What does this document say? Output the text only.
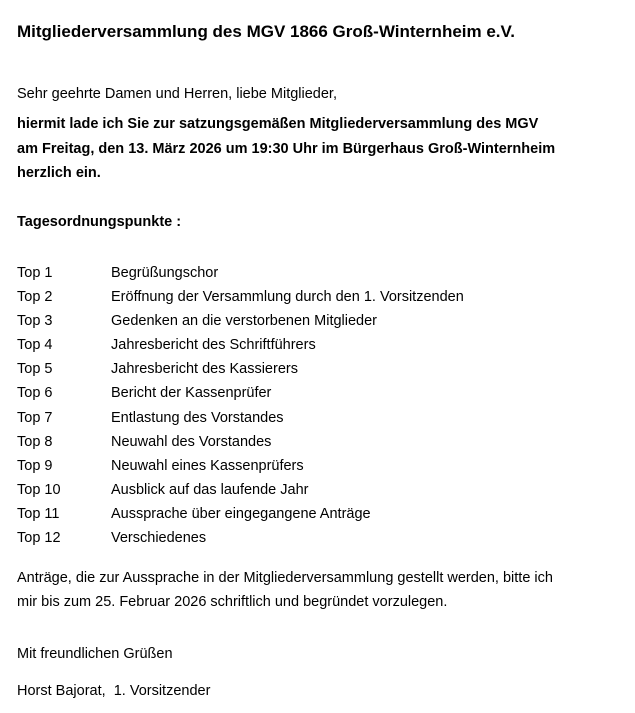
Mitgliederversammlung des MGV 1866 Groß-Winternheim e.V.
Sehr geehrte Damen und Herren, liebe Mitglieder,
hiermit lade ich Sie zur satzungsgemäßen Mitgliederversammlung des MGV
am Freitag, den 13. März 2026 um 19:30 Uhr im Bürgerhaus Groß-Winternheim
herzlich ein.
Tagesordnungspunkte :
Top 1	Begrüßungschor
Top 2	Eröffnung der Versammlung durch den 1. Vorsitzenden
Top 3	Gedenken an die verstorbenen Mitglieder
Top 4	Jahresbericht des Schriftführers
Top 5	Jahresbericht des Kassierers
Top 6	Bericht der Kassenprüfer
Top 7	Entlastung des Vorstandes
Top 8	Neuwahl des Vorstandes
Top 9	Neuwahl eines Kassenprüfers
Top 10	Ausblick auf das laufende Jahr
Top 11	Aussprache über eingegangene Anträge
Top 12	Verschiedenes
Anträge, die zur Aussprache in der Mitgliederversammlung gestellt werden, bitte ich
mir bis zum 25. Februar 2026 schriftlich und begründet vorzulegen.
Mit freundlichen Grüßen
Horst Bajorat,  1. Vorsitzender
